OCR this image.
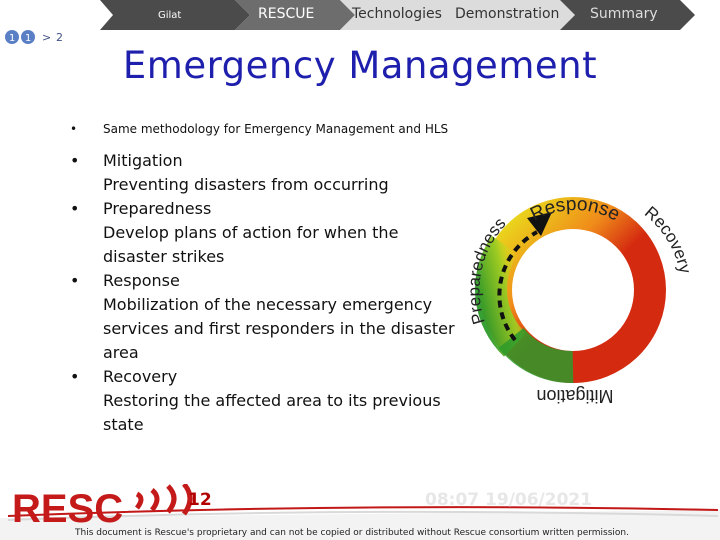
Gilat	RESCUE	Technologies Demonstration Summary
1 1 > 2
Emergency Management
• Same methodology for Emergency Management and HLS
• Mitigation
Preventing disasters from occurring
• Preparedness
Develop plans of action for when the disaster strikes
• Response
Mobilization of the necessary emergency services and first responders in the disaster area
• Recovery
Restoring the affected area to its previous state
Response Recovery
Preparedness
Mitigation
RESC	12	08:07 19/06/2021
This document is Rescue's proprietary and can not be copied or distributed without Rescue consortium written permission.
